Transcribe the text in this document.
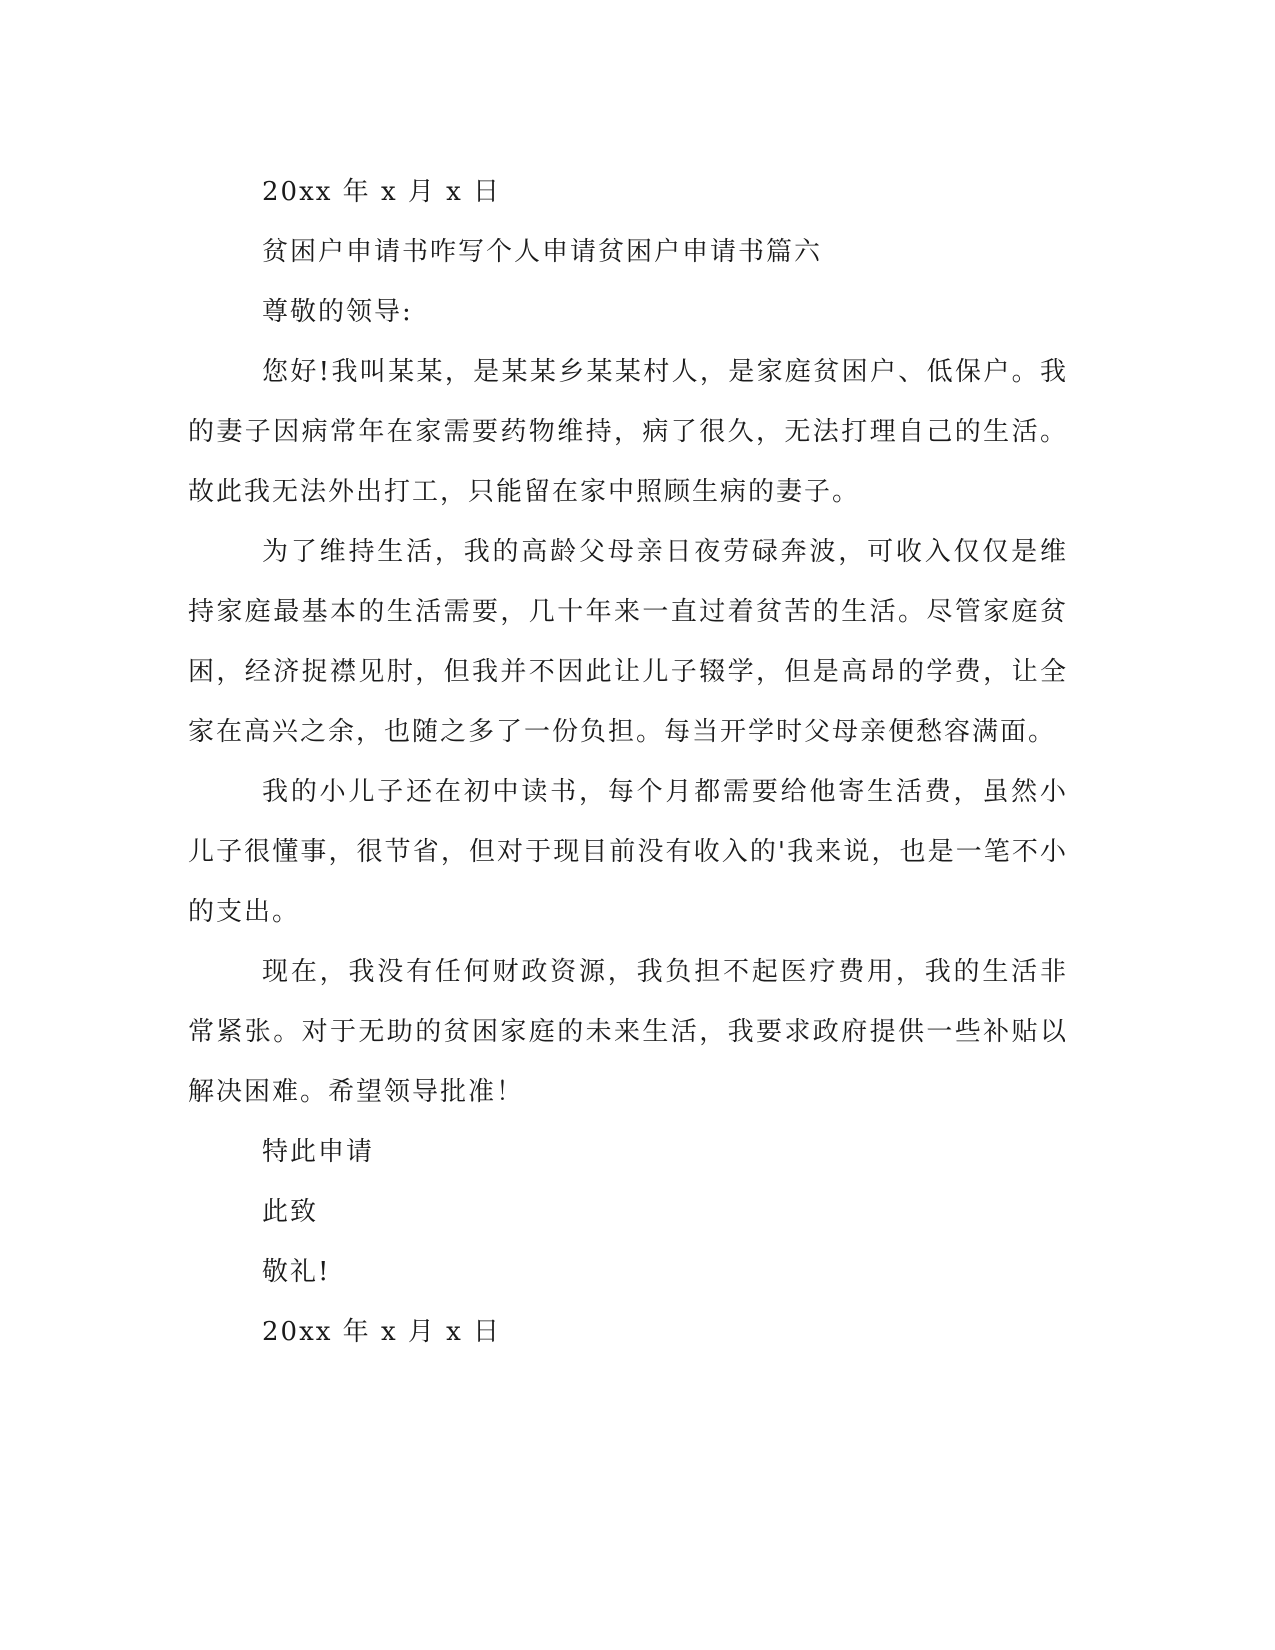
20xx 年 x 月 x 日
贫困户申请书咋写个人申请贫困户申请书篇六
尊敬的领导:

您好!我叫某某，是某某乡某某村人，是家庭贫困户、低保户。我的妻子因病常年在家需要药物维持，病了很久，无法打理自己的生活。故此我无法外出打工，只能留在家中照顾生病的妻子。

为了维持生活，我的高龄父母亲日夜劳碌奔波，可收入仅仅是维持家庭最基本的生活需要，几十年来一直过着贫苦的生活。尽管家庭贫困，经济捉襟见肘，但我并不因此让儿子辍学，但是高昂的学费，让全家在高兴之余，也随之多了一份负担。每当开学时父母亲便愁容满面。

我的小儿子还在初中读书，每个月都需要给他寄生活费，虽然小儿子很懂事，很节省，但对于现目前没有收入的'我来说，也是一笔不小的支出。

现在，我没有任何财政资源，我负担不起医疗费用，我的生活非常紧张。对于无助的贫困家庭的未来生活，我要求政府提供一些补贴以解决困难。希望领导批准！

特此申请
此致
敬礼!
20xx 年 x 月 x 日
